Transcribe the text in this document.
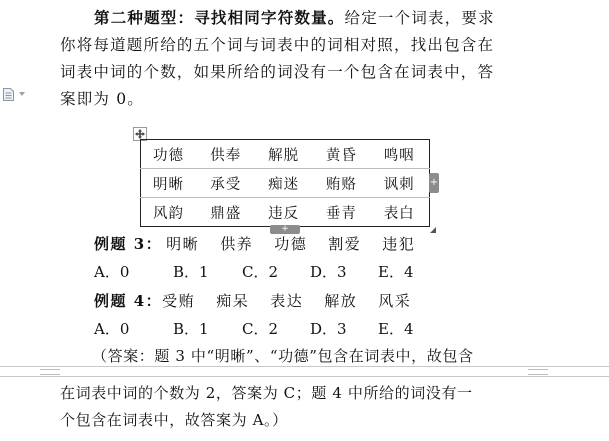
第二种题型：寻找相同字符数量。给定一个词表，要求
你将每道题所给的五个词与词表中的词相对照，找出包含在
词表中词的个数，如果所给的词没有一个包含在词表中，答
案即为 0。
功德	供奉	解脱	黄昏	鸣咽
明晰	承受	痴迷	贿赂	讽刺
风韵	鼎盛	违反	垂青	表白
+
+
例题 3： 明晰 供养 功德 割爱 违犯
A．0	B．1 C．2 D．3 E．4
例题 4：受贿 痴呆 表达 解放 风采
A．0	B．1 C．2 D．3 E．4
（答案：题 3 中“明晰”、“功德”包含在词表中，故包含
在词表中词的个数为 2，答案为 C；题 4 中所给的词没有一
个包含在词表中，故答案为 A。）
